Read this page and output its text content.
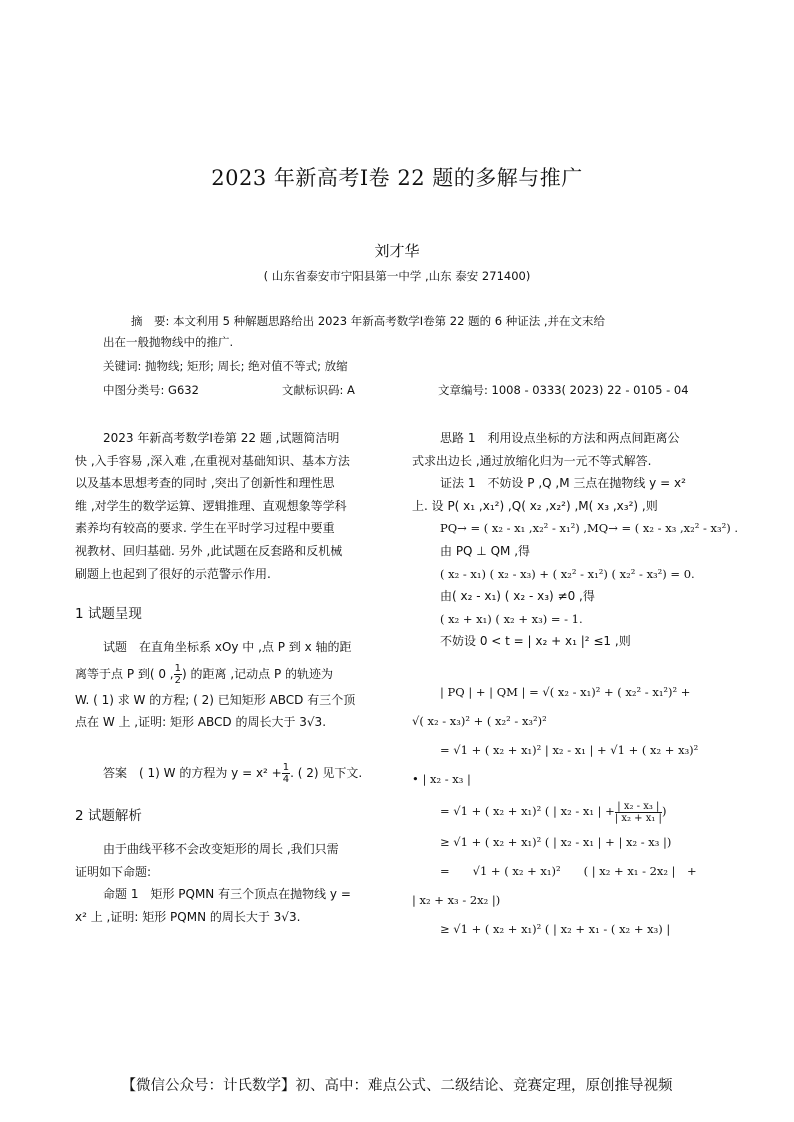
2023 年新高考Ⅰ卷 22 题的多解与推广
刘才华
( 山东省泰安市宁阳县第一中学 ,山东 泰安 271400)
摘　要: 本文利用 5 种解题思路给出 2023 年新高考数学Ⅰ卷第 22 题的 6 种证法 ,并在文末给
出在一般抛物线中的推广.
关键词: 抛物线; 矩形; 周长; 绝对值不等式; 放缩
中图分类号: G632	文献标识码: A	文章编号: 1008 - 0333( 2023) 22 - 0105 - 04
2023 年新高考数学Ⅰ卷第 22 题 ,试题简洁明
快 ,入手容易 ,深入难 ,在重视对基础知识、基本方法
以及基本思想考查的同时 ,突出了创新性和理性思
维 ,对学生的数学运算、逻辑推理、直观想象等学科
素养均有较高的要求. 学生在平时学习过程中要重
视教材、回归基础. 另外 ,此试题在反套路和反机械
刷题上也起到了很好的示范警示作用.
1 试题呈现
试题　 在直角坐标系 xOy 中 ,点 P 到 x 轴的距
离等于点 P 到( 0 , $\frac{1}{2}$ ) 的距离 ,记动点 P 的轨迹为
W. ( 1) 求 W 的方程; ( 2) 已知矩形 ABCD 有三个顶
点在 W 上 ,证明: 矩形 ABCD 的周长大于 3√3.
答案　 ( 1) W 的方程为 $y = x^2 + \frac{1}{4}$ . ( 2) 见下文.
2 试题解析
由于曲线平移不会改变矩形的周长 ,我们只需
证明如下命题:
命题 1　矩形 PQMN 有三个顶点在抛物线 y =
x² 上 ,证明: 矩形 PQMN 的周长大于 3√3.
思路 1　利用设点坐标的方法和两点间距离公
式求出边长 ,通过放缩化归为一元不等式解答.
证法 1　不妨设 P ,Q ,M 三点在抛物线 y = x²
上. 设 P( x₁ ,x₁²) ,Q( x₂ ,x₂²) ,M( x₃ ,x₃²) ,则
PQ→ = ( x₂ - x₁ ,x₂² - x₁²) ,MQ→ = ( x₂ - x₃ ,x₂² - x₃²) .
由 PQ ⊥ QM ,得
( x₂ - x₁) ( x₂ - x₃) + ( x₂² - x₁²) ( x₂² - x₃²) = 0.
由( x₂ - x₁) ( x₂ - x₃) ≠0 ,得
( x₂ + x₁) ( x₂ + x₃) = - 1.
不妨设 0 < t = | x₂ + x₁ |² ≤1 ,则
| PQ | + | QM | = √( x₂ - x₁)² + ( x₂² - x₁²)² +
√( x₂ - x₃)² + ( x₂² - x₃²)²
= √1 + ( x₂ + x₁)² | x₂ - x₁ | + √1 + ( x₂ + x₃)²
• | x₂ - x₃ |
= √1 + ( x₂ + x₁)² ( | x₂ - x₁ | + $\frac{\text{| x₂ - x₃ |}}{\text{| x₂ + x₁ |}}$ )
≥ √1 + ( x₂ + x₁)² ( | x₂ - x₁ | + | x₂ - x₃ |)
=　　√1 + ( x₂ + x₁)²　　( | x₂ + x₁ - 2x₂ |　+
| x₂ + x₃ - 2x₂ |)
≥ √1 + ( x₂ + x₁)² ( | x₂ + x₁ - ( x₂ + x₃) |
【微信公众号：计氏数学】初、高中：难点公式、二级结论、竞赛定理，原创推导视频
